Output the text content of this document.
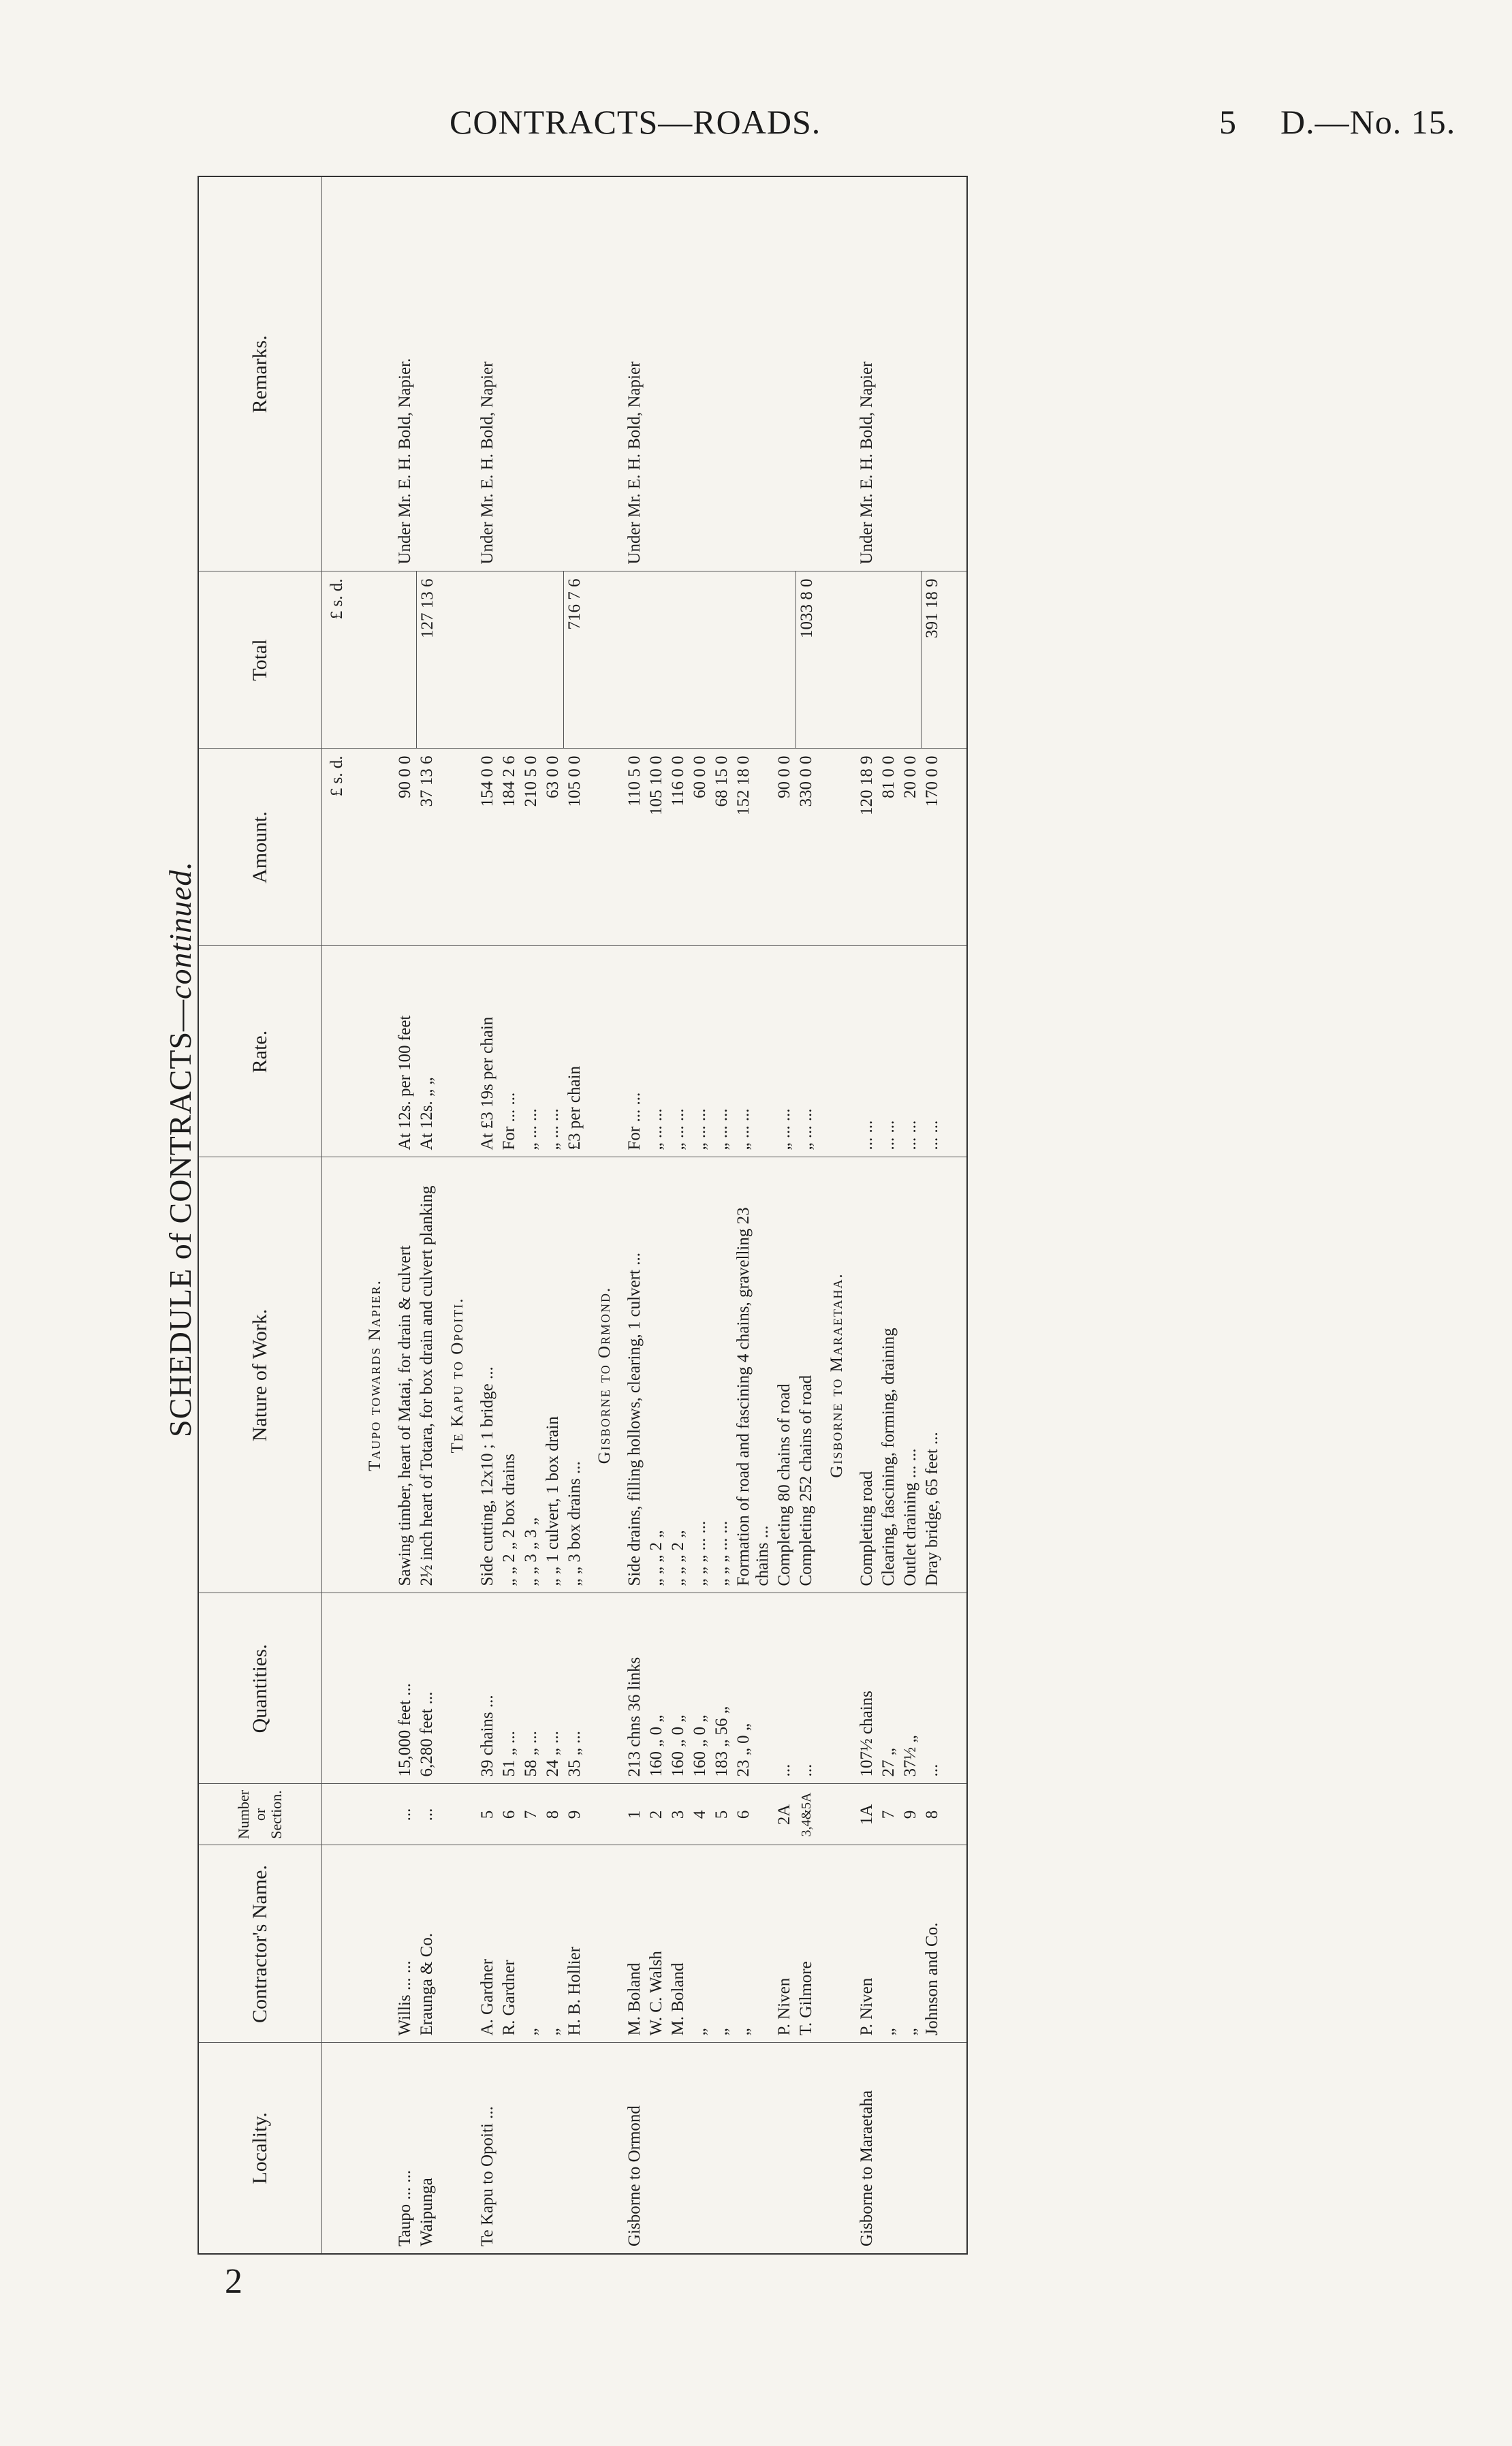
CONTRACTS—ROADS.	5 D.—No. 15.
SCHEDULE of CONTRACTS—continued.
Locality.	Contractor's Name.	Number or Section.	Quantities.	Nature of Work.	Rate.	Amount.	Total	Remarks.
						£ s. d.	£ s. d.	
				Taupo towards Napier.				
Taupo ... ...	Willis ... ...	...	15,000 feet ...	Sawing timber, heart of Matai, for drain & culvert	At 12s. per 100 feet	90 0 0		Under Mr. E. H. Bold, Napier.
Waipunga	Eraunga & Co.	...	6,280 feet ...	2½ inch heart of Totara, for box drain and culvert planking	At 12s. „ „	37 13 6	127 13 6	
				Te Kapu to Opoiti.				
Te Kapu to Opoiti ...	A. Gardner	5	39 chains ...	Side cutting, 12x10 ; 1 bridge ...	At £3 19s per chain	154 0 0		Under Mr. E. H. Bold, Napier
	R. Gardner	6	51 „ ...	„ „ 2 „ 2 box drains	For ... ...	184 2 6		
	„	7	58 „ ...	„ „ 3 „ 3 „	„ ... ...	210 5 0		
	„	8	24 „ ...	„ „ 1 culvert, 1 box drain	„ ... ...	63 0 0		
	H. B. Hollier	9	35 „ ...	„ „ 3 box drains ...	£3 per chain	105 0 0	716 7 6	
				Gisborne to Ormond.				
Gisborne to Ormond	M. Boland	1	213 chns 36 links	Side drains, filling hollows, clearing, 1 culvert ...	For ... ...	110 5 0		Under Mr. E. H. Bold, Napier
	W. C. Walsh	2	160 „ 0 „	„ „ „ 2 „	„ ... ...	105 10 0		
	M. Boland	3	160 „ 0 „	„ „ „ 2 „	„ ... ...	116 0 0		
	„	4	160 „ 0 „	„ „ „ ... ...	„ ... ...	60 0 0		
	„	5	183 „ 56 „	„ „ „ ... ...	„ ... ...	68 15 0		
	„	6	23 „ 0 „	Formation of road and fascining 4 chains, gravelling 23 chains ...	„ ... ...	152 18 0		
	P. Niven	2A	...	Completing 80 chains of road	„ ... ...	90 0 0		
	T. Gilmore	3,4&5A	...	Completing 252 chains of road	„ ... ...	330 0 0	1033 8 0	
				Gisborne to Maraetaha.				
Gisborne to Maraetaha	P. Niven	1A	107½ chains	Completing road	... ...	120 18 9		Under Mr. E. H. Bold, Napier
	„	7	27 „	Clearing, fascining, forming, draining	... ...	81 0 0		
	„	9	37½ „	Outlet draining ... ...	... ...	20 0 0		
	Johnson and Co.	8	...	Dray bridge, 65 feet ...	... ...	170 0 0	391 18 9	

2
